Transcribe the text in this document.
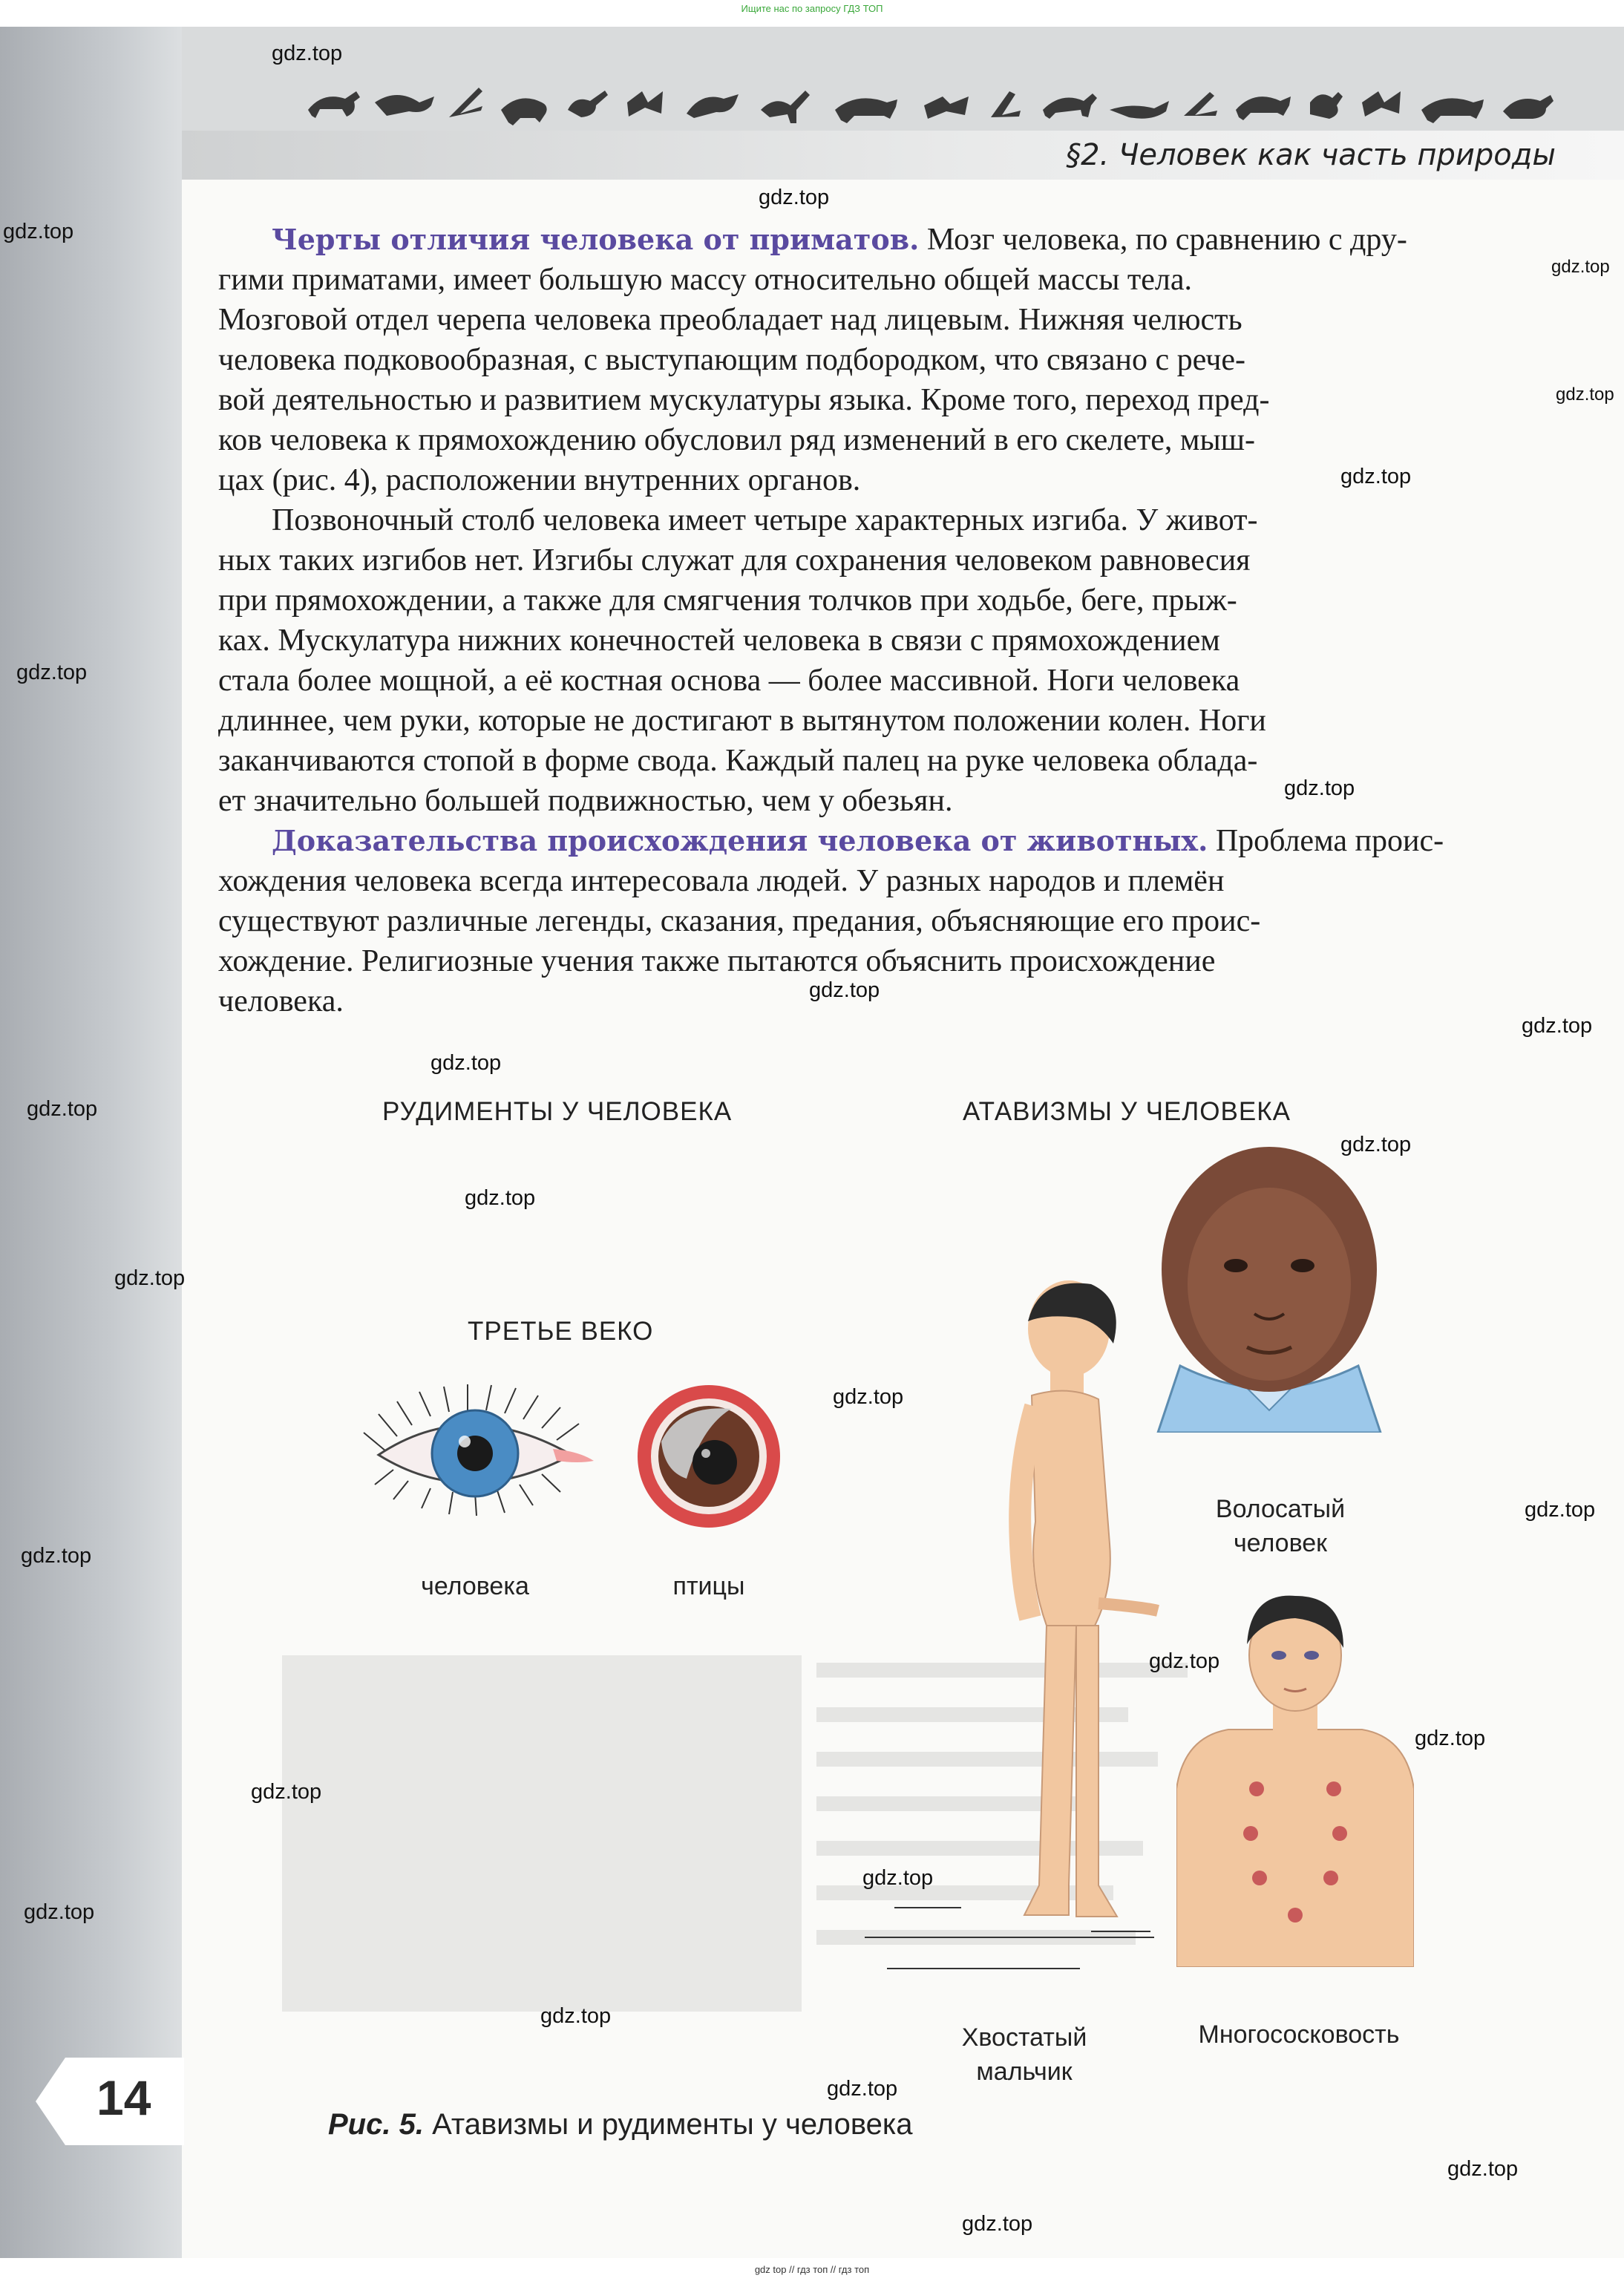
Ищите нас по запросу ГДЗ ТОП
§2. Человек как часть природы

Черты отличия человека от приматов. Мозг человека, по сравнению с дру-

гими приматами, имеет большую массу относительно общей массы тела.
Мозговой отдел черепа человека преобладает над лицевым. Нижняя челюсть
человека подковообразная, с выступающим подбородком, что связано с рече-
вой деятельностью и развитием мускулатуры языка. Кроме того, переход пред-
ков человека к прямохождению обусловил ряд изменений в его скелете, мыш-
цах (рис. 4), расположении внутренних органов.

Позвоночный столб человека имеет четыре характерных изгиба. У живот-

ных таких изгибов нет. Изгибы служат для сохранения человеком равновесия
при прямохождении, а также для смягчения толчков при ходьбе, беге, прыж-
ках. Мускулатура нижних конечностей человека в связи с прямохождением
стала более мощной, а её костная основа — более массивной. Ноги человека
длиннее, чем руки, которые не достигают в вытянутом положении колен. Ноги
заканчиваются стопой в форме свода. Каждый палец на руке человека облада-
ет значительно большей подвижностью, чем у обезьян.

Доказательства происхождения человека от животных. Проблема проис-

хождения человека всегда интересовала людей. У разных народов и племён
существуют различные легенды, сказания, предания, объясняющие его проис-
хождение. Религиозные учения также пытаются объяснить происхождение
человека.
РУДИМЕНТЫ У ЧЕЛОВЕКА	АТАВИЗМЫ У ЧЕЛОВЕКА
ТРЕТЬЕ ВЕКО
человека	птицы
Волосатый
человек
Хвостатый
мальчик
Многососковость
Рис. 5. Атавизмы и рудименты у человека
14
gdz.top
gdz.top
gdz.top
gdz.top
gdz.top
gdz.top
gdz.top
gdz.top
gdz.top
gdz.top
gdz.top
gdz.top
gdz.top
gdz.top
gdz.top
gdz.top
gdz.top
gdz.top
gdz.top
gdz.top
gdz.top
gdz.top
gdz.top
gdz.top
gdz.top
gdz.top
gdz.top
gdz top // гдз топ // гдз топ
